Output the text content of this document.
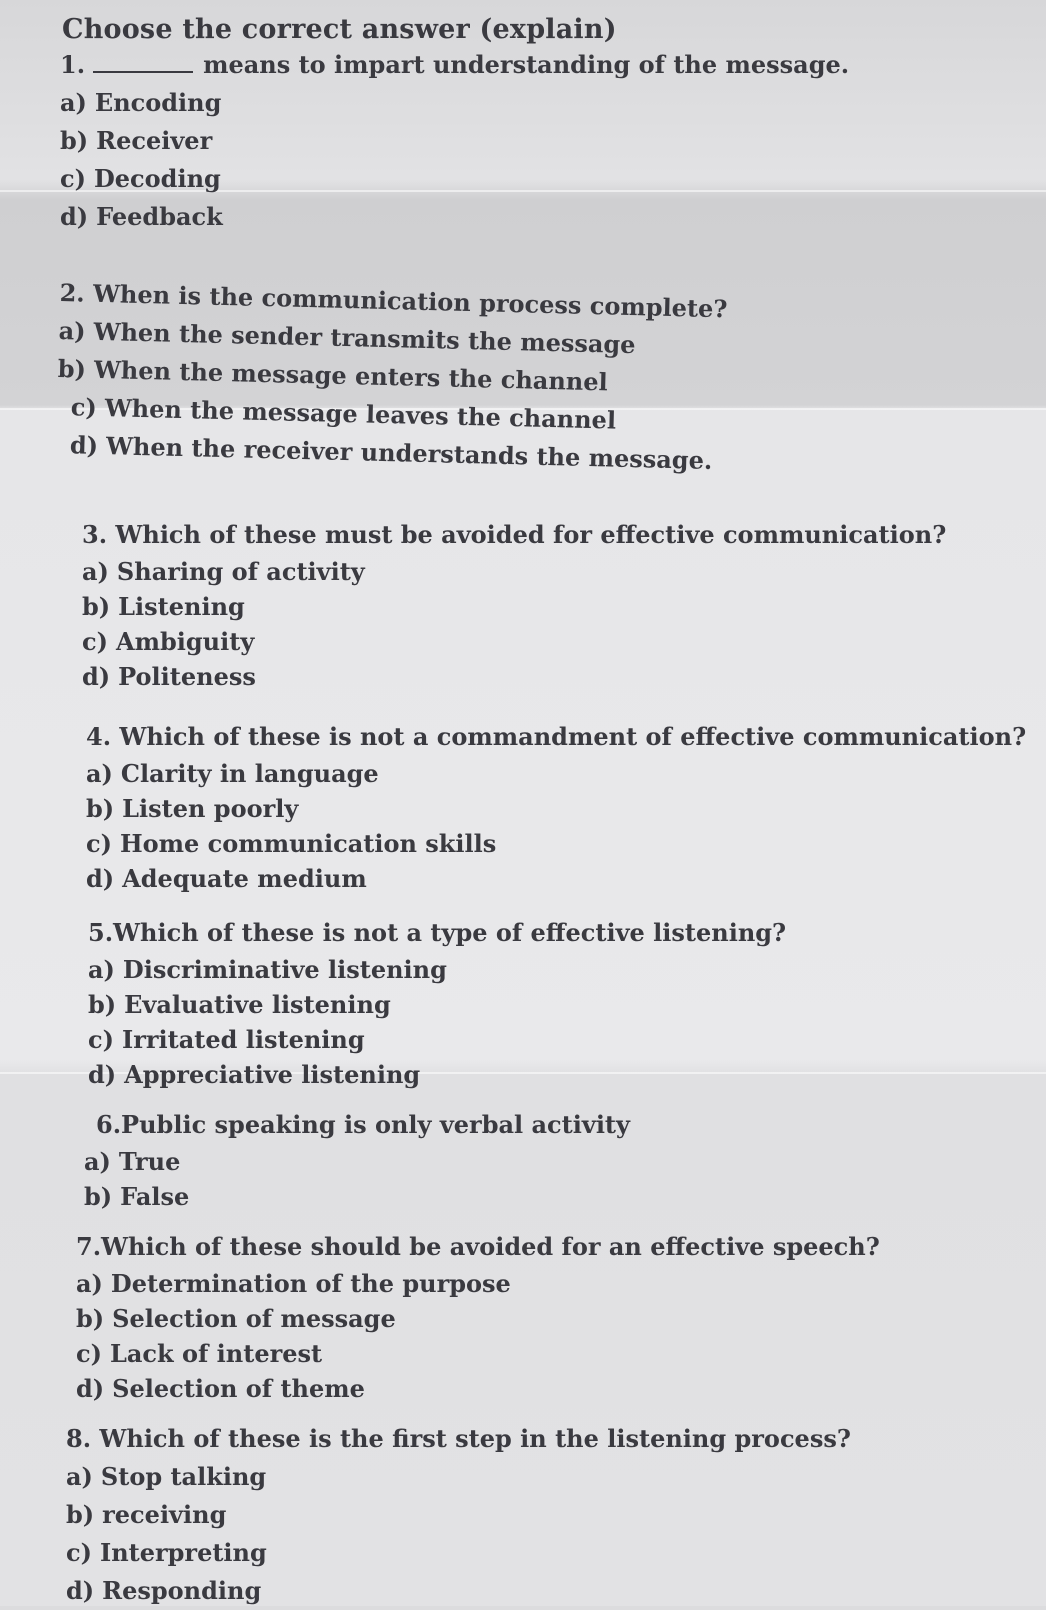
Choose the correct answer (explain)
1.	means to impart understanding of the message.
a) Encoding
b) Receiver
c) Decoding
d) Feedback
2. When is the communication process complete?
a) When the sender transmits the message
b) When the message enters the channel
c) When the message leaves the channel
d) When the receiver understands the message.
3. Which of these must be avoided for effective communication?
a) Sharing of activity
b) Listening
c) Ambiguity
d) Politeness
4. Which of these is not a commandment of effective communication?
a) Clarity in language
b) Listen poorly
c) Home communication skills
d) Adequate medium
5.Which of these is not a type of effective listening?
a) Discriminative listening
b) Evaluative listening
c) Irritated listening
d) Appreciative listening
6.Public speaking is only verbal activity
a) True
b) False
7.Which of these should be avoided for an effective speech?
a) Determination of the purpose
b) Selection of message
c) Lack of interest
d) Selection of theme
8. Which of these is the first step in the listening process?
a) Stop talking
b) receiving
c) Interpreting
d) Responding
